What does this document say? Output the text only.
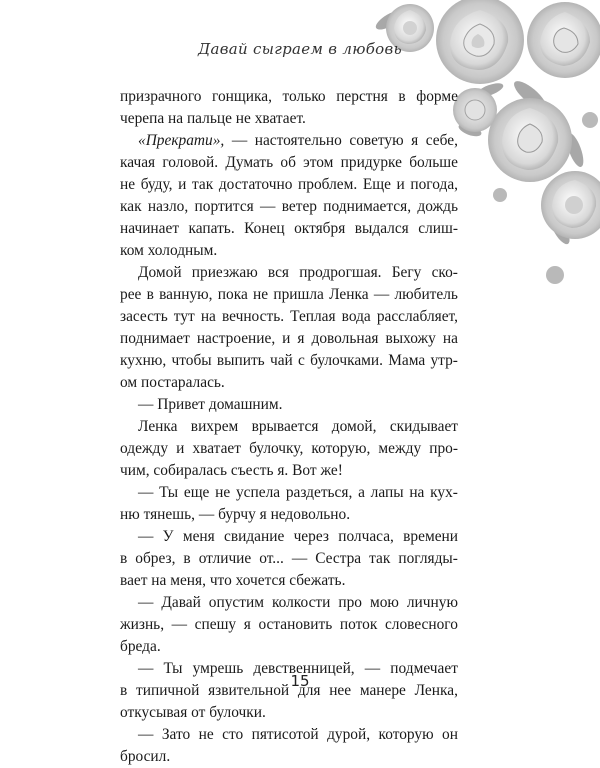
Давай сыграем в любовь
призрачного гонщика, только перстня в форме
черепа на пальце не хватает.
«Прекрати», — настоятельно советую я себе,
качая головой. Думать об этом придурке больше
не буду, и так достаточно проблем. Еще и погода,
как назло, портится — ветер поднимается, дождь
начинает капать. Конец октября выдался слиш-
ком холодным.
Домой приезжаю вся продрогшая. Бегу ско-
рее в ванную, пока не пришла Ленка — любитель
засесть тут на вечность. Теплая вода расслабляет,
поднимает настроение, и я довольная выхожу на
кухню, чтобы выпить чай с булочками. Мама утр-
ом постаралась.
— Привет домашним.
Ленка вихрем врывается домой, скидывает
одежду и хватает булочку, которую, между про-
чим, собиралась съесть я. Вот же!
— Ты еще не успела раздеться, а лапы на кух-
ню тянешь, — бурчу я недовольно.
— У меня свидание через полчаса, времени
в обрез, в отличие от... — Сестра так погляды-
вает на меня, что хочется сбежать.
— Давай опустим колкости про мою личную
жизнь, — спешу я остановить поток словесного
бреда.
— Ты умрешь девственницей, — подмечает
в типичной язвительной для нее манере Ленка,
откусывая от булочки.
— Зато не сто пятисотой дурой, которую он
бросил.
15
